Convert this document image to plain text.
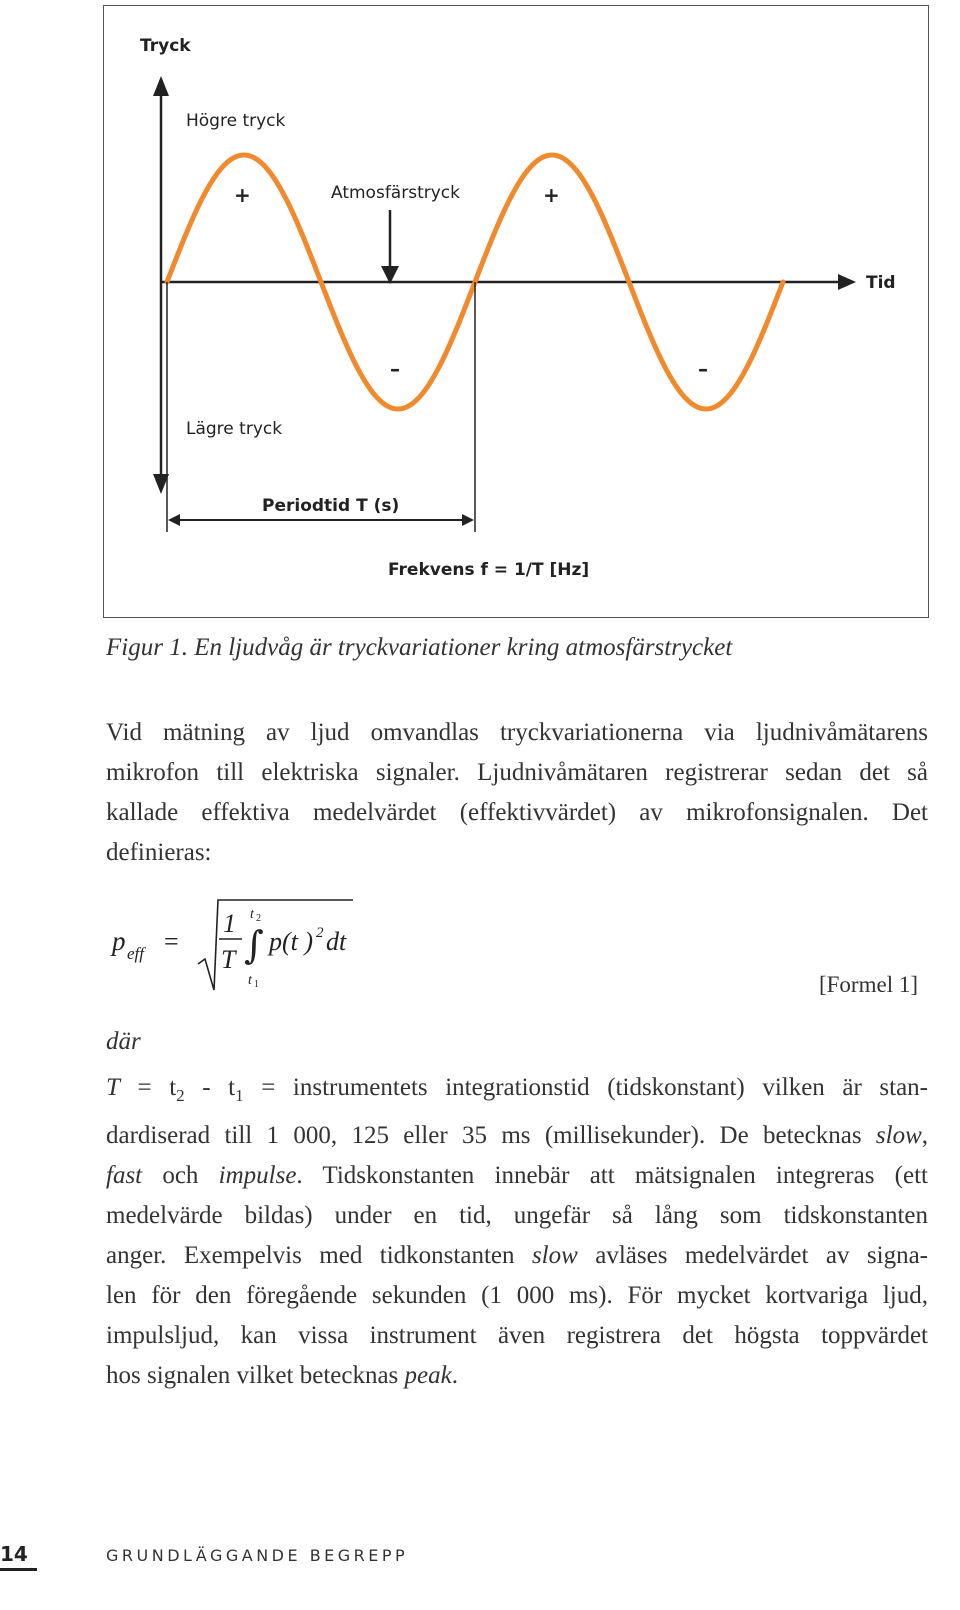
Tryck
Tid
Högre tryck
Lägre tryck
Atmosfärstryck
+	+
–	–
Periodtid T (s)
Frekvens f = 1/T [Hz]
Figur 1. En ljudvåg är tryckvariationer kring atmosfärstrycket
Vid mätning av ljud omvandlas tryckvariationerna via ljudnivåmätarens
mikrofon till elektriska signaler. Ljudnivåmätaren registrerar sedan det så
kallade effektiva medelvärdet (effektivvärdet) av mikrofonsignalen. Det
definieras:
p eff =
1
T
t 2
∫
t 1
p(t ) 2 dt
[Formel 1]
där
$T = t_2 - t_1$ = instrumentets integrationstid (tidskonstant) vilken är stan-
dardiserad till 1 000, 125 eller 35 ms (millisekunder). De betecknas slow,
fast och impulse. Tidskonstanten innebär att mätsignalen integreras (ett
medelvärde bildas) under en tid, ungefär så lång som tidskonstanten
anger. Exempelvis med tidkonstanten slow avläses medelvärdet av signa-
len för den föregående sekunden (1 000 ms). För mycket kortvariga ljud,
impulsljud, kan vissa instrument även registrera det högsta toppvärdet
hos signalen vilket betecknas peak.
14	GRUNDLÄGGANDE BEGREPP
